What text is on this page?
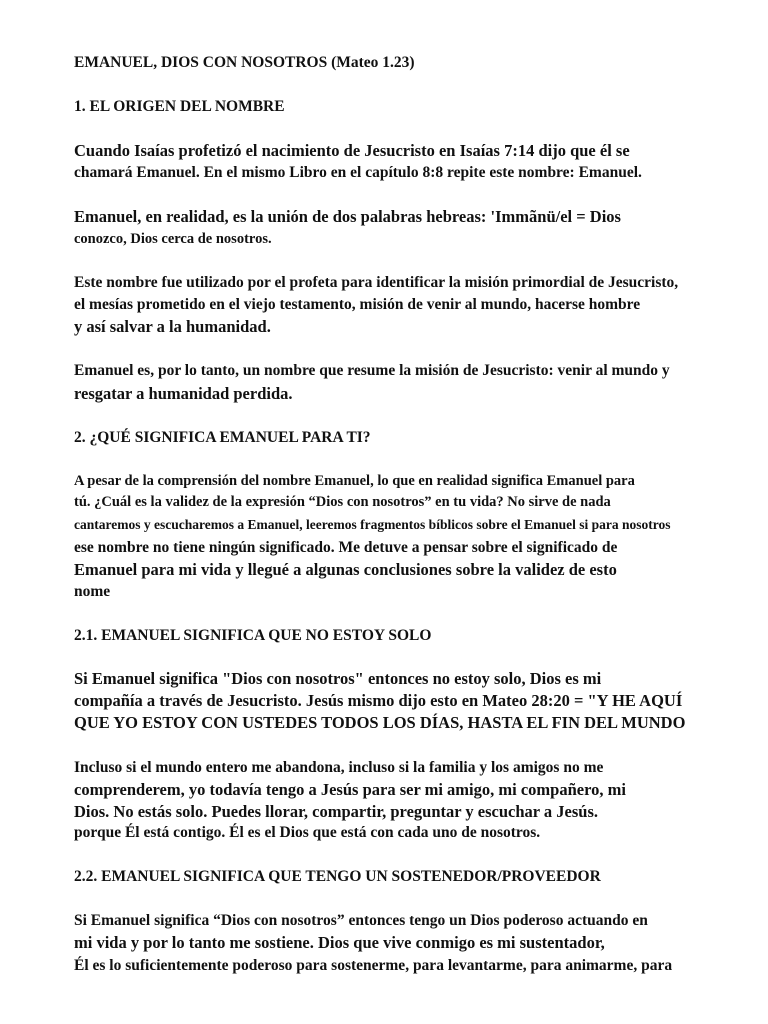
EMANUEL, DIOS CON NOSOTROS (Mateo 1.23)
1. EL ORIGEN DEL NOMBRE
Cuando Isaías profetizó el nacimiento de Jesucristo en Isaías 7:14 dijo que él se
chamará Emanuel. En el mismo Libro en el capítulo 8:8 repite este nombre: Emanuel.
Emanuel, en realidad, es la unión de dos palabras hebreas: 'Immãnü/el = Dios
conozco, Dios cerca de nosotros.
Este nombre fue utilizado por el profeta para identificar la misión primordial de Jesucristo,
el mesías prometido en el viejo testamento, misión de venir al mundo, hacerse hombre
y así salvar a la humanidad.
Emanuel es, por lo tanto, un nombre que resume la misión de Jesucristo: venir al mundo y
resgatar a humanidad perdida.
2. ¿QUÉ SIGNIFICA EMANUEL PARA TI?
A pesar de la comprensión del nombre Emanuel, lo que en realidad significa Emanuel para
tú. ¿Cuál es la validez de la expresión “Dios con nosotros” en tu vida? No sirve de nada
cantaremos y escucharemos a Emanuel, leeremos fragmentos bíblicos sobre el Emanuel si para nosotros
ese nombre no tiene ningún significado. Me detuve a pensar sobre el significado de
Emanuel para mi vida y llegué a algunas conclusiones sobre la validez de esto
nome
2.1. EMANUEL SIGNIFICA QUE NO ESTOY SOLO
Si Emanuel significa "Dios con nosotros" entonces no estoy solo, Dios es mi
compañía a través de Jesucristo. Jesús mismo dijo esto en Mateo 28:20 = "Y HE AQUÍ
QUE YO ESTOY CON USTEDES TODOS LOS DÍAS, HASTA EL FIN DEL MUNDO
Incluso si el mundo entero me abandona, incluso si la familia y los amigos no me
comprenderem, yo todavía tengo a Jesús para ser mi amigo, mi compañero, mi
Dios. No estás solo. Puedes llorar, compartir, preguntar y escuchar a Jesús.
porque Él está contigo. Él es el Dios que está con cada uno de nosotros.
2.2. EMANUEL SIGNIFICA QUE TENGO UN SOSTENEDOR/PROVEEDOR
Si Emanuel significa “Dios con nosotros” entonces tengo un Dios poderoso actuando en
mi vida y por lo tanto me sostiene. Dios que vive conmigo es mi sustentador,
Él es lo suficientemente poderoso para sostenerme, para levantarme, para animarme, para
